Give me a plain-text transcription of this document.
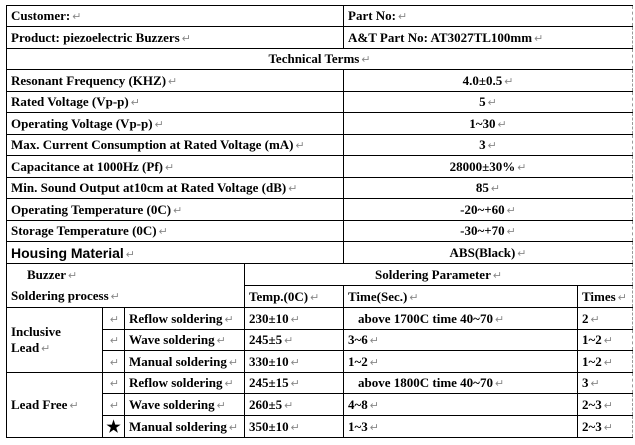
Customer: ↵				Part No: ↵	
Product: piezoelectric Buzzers ↵				A&T Part No: AT3027TL100mm ↵	
Technical Terms ↵					
Resonant Frequency (KHZ) ↵				4.0±0.5 ↵	
Rated Voltage (Vp-p) ↵				5 ↵	
Operating Voltage (Vp-p) ↵				1~30 ↵	
Max. Current Consumption at Rated Voltage (mA) ↵				3 ↵	
Capacitance at 1000Hz (Pf) ↵				28000±30% ↵	
Min. Sound Output at10cm at Rated Voltage (dB) ↵				85 ↵	
Operating Temperature (0C) ↵				-20~+60 ↵	
Storage Temperature (0C) ↵				-30~+70 ↵	
Housing Material ↵				ABS(Black) ↵	
Buzzer ↵			Soldering Parameter ↵		
Soldering process ↵			Temp.(0C) ↵	Time(Sec.) ↵	Times ↵

Inclusive
Lead ↵	↵	Reflow soldering ↵	230±10 ↵	above 1700C time 40~70 ↵	2 ↵
	↵	Wave soldering ↵	245±5 ↵	3~6 ↵	1~2 ↵
	↵	Manual soldering ↵	330±10 ↵	1~2 ↵	1~2 ↵

Lead Free ↵	↵	Reflow soldering ↵	245±15 ↵	above 1800C time 40~70 ↵	3 ↵
	↵	Wave soldering ↵	260±5 ↵	4~8 ↵	2~3 ↵
	★	Manual soldering ↵	350±10 ↵	1~3 ↵	2~3 ↵
